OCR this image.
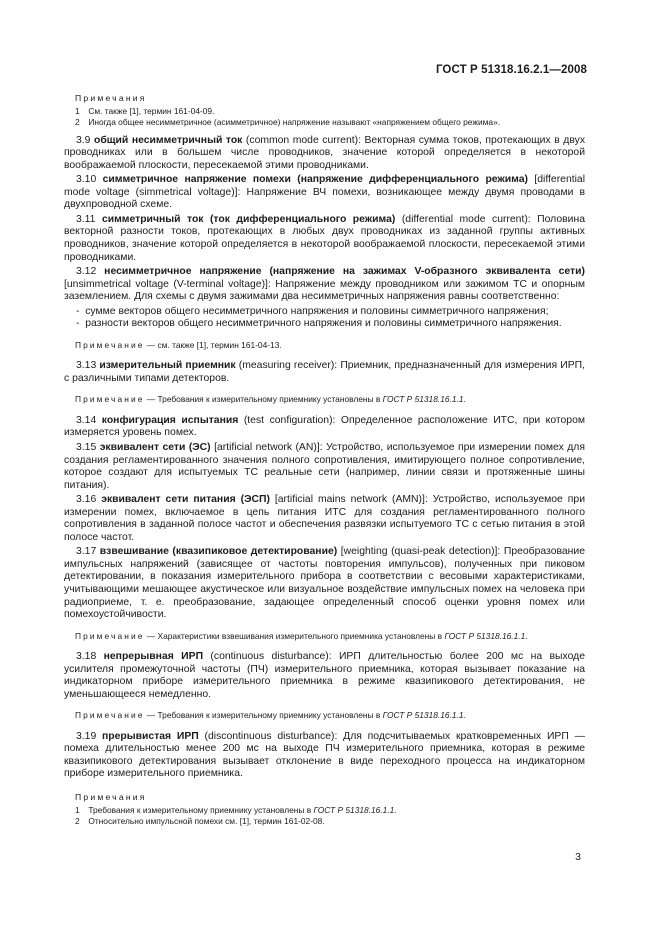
ГОСТ Р 51318.16.2.1—2008
Примечания
1 См. также [1], термин 161-04-09.
2 Иногда общее несимметричное (асимметричное) напряжение называют «напряжением общего режима».

3.9 общий несимметричный ток (common mode current): Векторная сумма токов, протекающих в двух проводниках или в большем числе проводников, значение которой определяется в некоторой воображаемой плоскости, пересекаемой этими проводниками.

3.10 симметричное напряжение помехи (напряжение дифференциального режима) [differential mode voltage (simmetrical voltage)]: Напряжение ВЧ помехи, возникающее между двумя проводами в двухпроводной схеме.

3.11 симметричный ток (ток дифференциального режима) (differential mode current): Половина векторной разности токов, протекающих в любых двух проводниках из заданной группы активных проводников, значение которой определяется в некоторой воображаемой плоскости, пересекаемой этими проводниками.

3.12 несимметричное напряжение (напряжение на зажимах V-образного эквивалента сети) [unsimmetrical voltage (V-terminal voltage)]: Напряжение между проводником или зажимом ТС и опорным заземлением. Для схемы с двумя зажимами два несимметричных напряжения равны соответственно:

-  сумме векторов общего несимметричного напряжения и половины симметричного напряжения;

-  разности векторов общего несимметричного напряжения и половины симметричного напряжения.

Примечание — см. также [1], термин 161-04-13.

3.13 измерительный приемник (measuring receiver): Приемник, предназначенный для измерения ИРП, с различными типами детекторов.

Примечание — Требования к измерительному приемнику установлены в ГОСТ Р 51318.16.1.1.

3.14 конфигурация испытания (test configuration): Определенное расположение ИТС, при котором измеряется уровень помех.

3.15 эквивалент сети (ЭС) [artificial network (AN)]: Устройство, используемое при измерении помех для создания регламентированного значения полного сопротивления, имитирующего полное сопротивление, которое создают для испытуемых ТС реальные сети (например, линии связи и протяженные шины питания).

3.16 эквивалент сети питания (ЭСП) [artificial mains network (AMN)]: Устройство, используемое при измерении помех, включаемое в цепь питания ИТС для создания регламентированного полного сопротивления в заданной полосе частот и обеспечения развязки испытуемого ТС с сетью питания в этой полосе частот.

3.17 взвешивание (квазипиковое детектирование) [weighting (quasi-peak detection)]: Преобразование импульсных напряжений (зависящее от частоты повторения импульсов), полученных при пиковом детектировании, в показания измерительного прибора в соответствии с весовыми характеристиками, учитывающими мешающее акустическое или визуальное воздействие импульсных помех на человека при радиоприеме, т. е. преобразование, задающее определенный способ оценки уровня помех или помехоустойчивости.

Примечание — Характеристики взвешивания измерительного приемника установлены в ГОСТ Р 51318.16.1.1.

3.18 непрерывная ИРП (continuous disturbance): ИРП длительностью более 200 мс на выходе усилителя промежуточной частоты (ПЧ) измерительного приемника, которая вызывает показание на индикаторном приборе измерительного приемника в режиме квазипикового детектирования, не уменьшающееся немедленно.

Примечание — Требования к измерительному приемнику установлены в ГОСТ Р 51318.16.1.1.

3.19 прерывистая ИРП (discontinuous disturbance): Для подсчитываемых кратковременных ИРП — помеха длительностью менее 200 мс на выходе ПЧ измерительного приемника, которая в режиме квазипикового детектирования вызывает отклонение в виде переходного процесса на индикаторном приборе измерительного приемника.

Примечания
1 Требования к измерительному приемнику установлены в ГОСТ Р 51318.16.1.1.
2 Относительно импульсной помехи см. [1], термин 161-02-08.
3
